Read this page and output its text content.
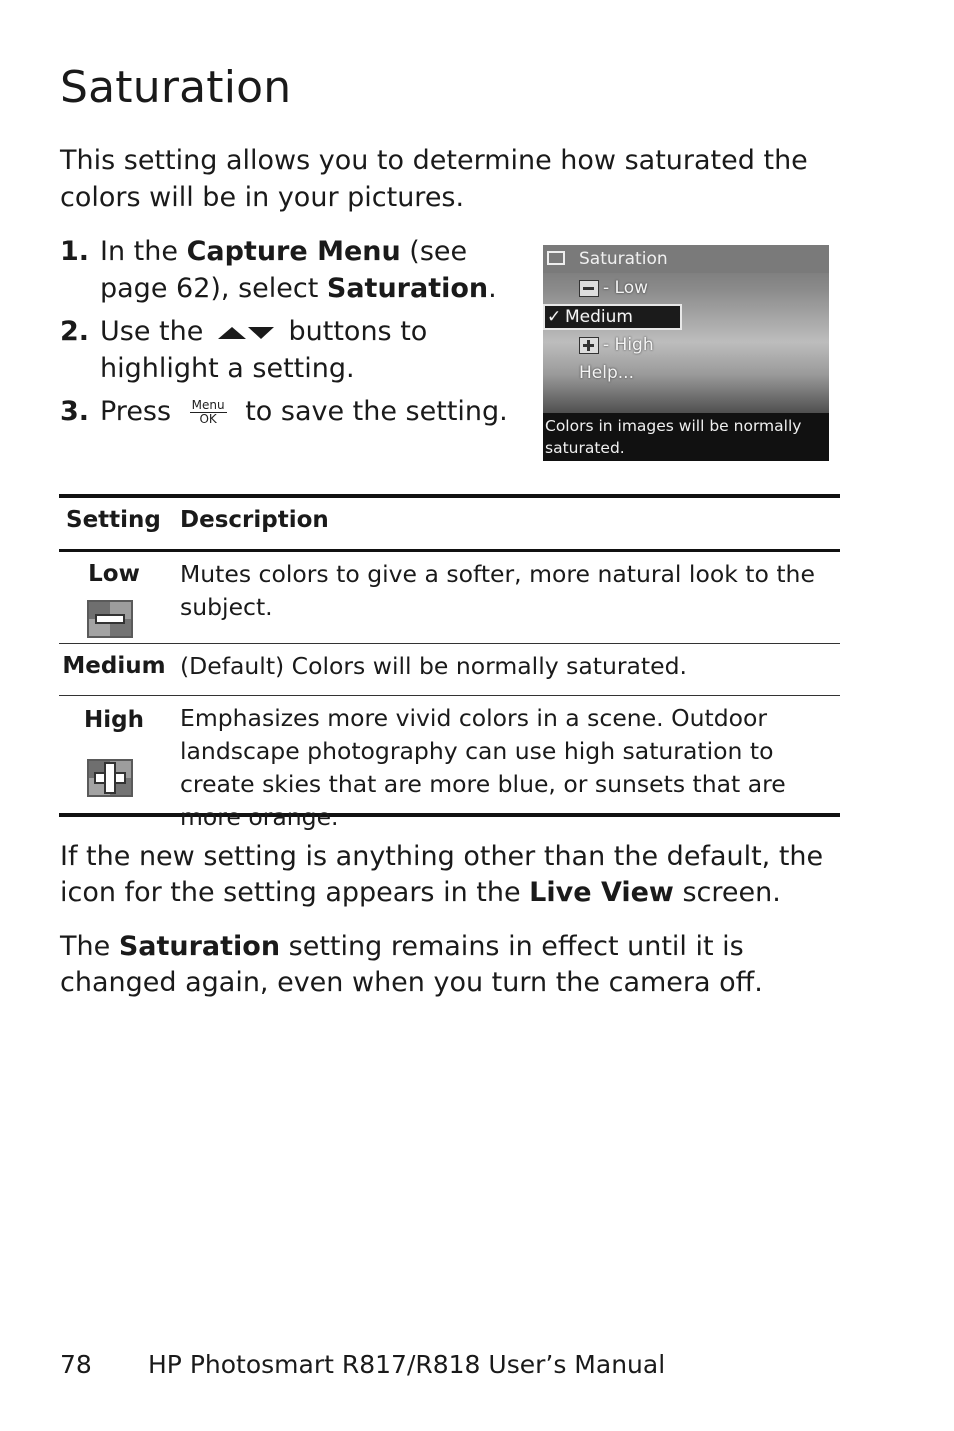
Saturation
This setting allows you to determine how saturated the colors will be in your pictures.
1. In the Capture Menu (see page 62), select Saturation.
2. Use the	buttons to highlight a setting.
3. Press Menu
OK to save the setting.
Saturation
- Low
✓ Medium
- High
Help...
Colors in images will be normally saturated.
Setting Description
Low	Mutes colors to give a softer, more natural look to the subject.
Medium (Default) Colors will be normally saturated.
High	Emphasizes more vivid colors in a scene. Outdoor landscape photography can use high saturation to create skies that are more blue, or sunsets that are more orange.
If the new setting is anything other than the default, the icon for the setting appears in the Live View screen.
The Saturation setting remains in effect until it is changed again, even when you turn the camera off.
78 HP Photosmart R817/R818 User’s Manual
